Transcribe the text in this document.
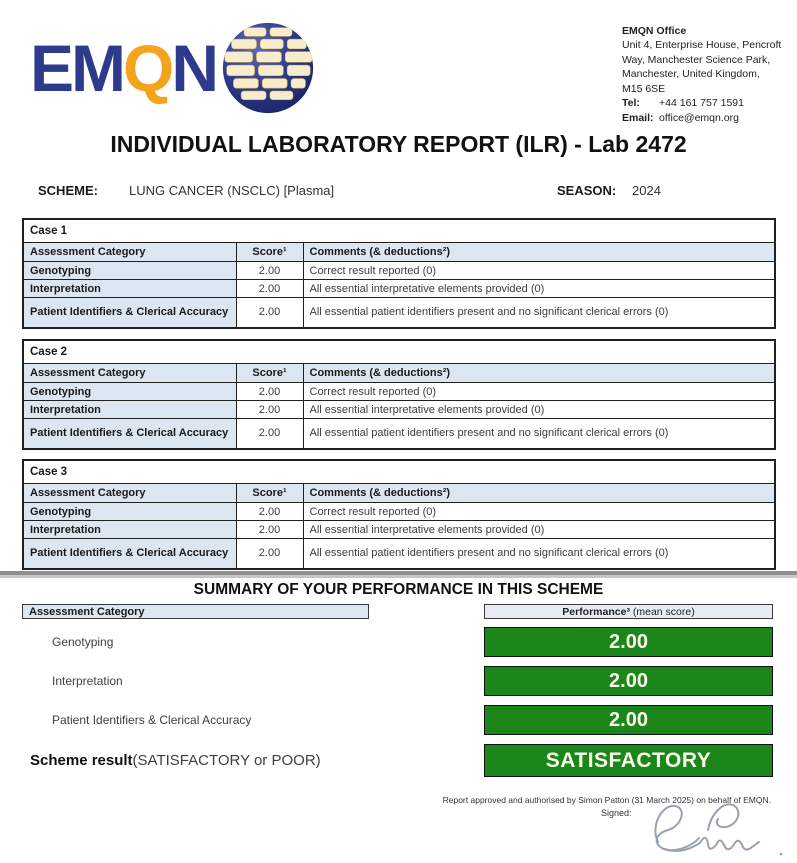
E M Q N	EMQN Office
Unit 4, Enterprise House, Pencroft
Way, Manchester Science Park,
Manchester, United Kingdom,
M15 6SE
Tel: +44 161 757 1591
Email: office@emqn.org
INDIVIDUAL LABORATORY REPORT (ILR) - Lab 2472
SCHEME: LUNG CANCER (NSCLC) [Plasma]	SEASON: 2024
Case 1		
Assessment Category	Score¹	Comments (& deductions²)
Genotyping	2.00	Correct result reported (0)
Interpretation	2.00	All essential interpretative elements provided (0)
Patient Identifiers & Clerical Accuracy	2.00	All essential patient identifiers present and no significant clerical errors (0)
Case 2		
Assessment Category	Score¹	Comments (& deductions²)
Genotyping	2.00	Correct result reported (0)
Interpretation	2.00	All essential interpretative elements provided (0)
Patient Identifiers & Clerical Accuracy	2.00	All essential patient identifiers present and no significant clerical errors (0)
Case 3		
Assessment Category	Score¹	Comments (& deductions²)
Genotyping	2.00	Correct result reported (0)
Interpretation	2.00	All essential interpretative elements provided (0)
Patient Identifiers & Clerical Accuracy	2.00	All essential patient identifiers present and no significant clerical errors (0)
SUMMARY OF YOUR PERFORMANCE IN THIS SCHEME
Assessment Category	Performance³ (mean score)
Genotyping	2.00
Interpretation	2.00
Patient Identifiers & Clerical Accuracy	2.00
Scheme result (SATISFACTORY or POOR)	SATISFACTORY
Report approved and authorised by Simon Patton (31 March 2025) on behalf of EMQN.
Signed:
